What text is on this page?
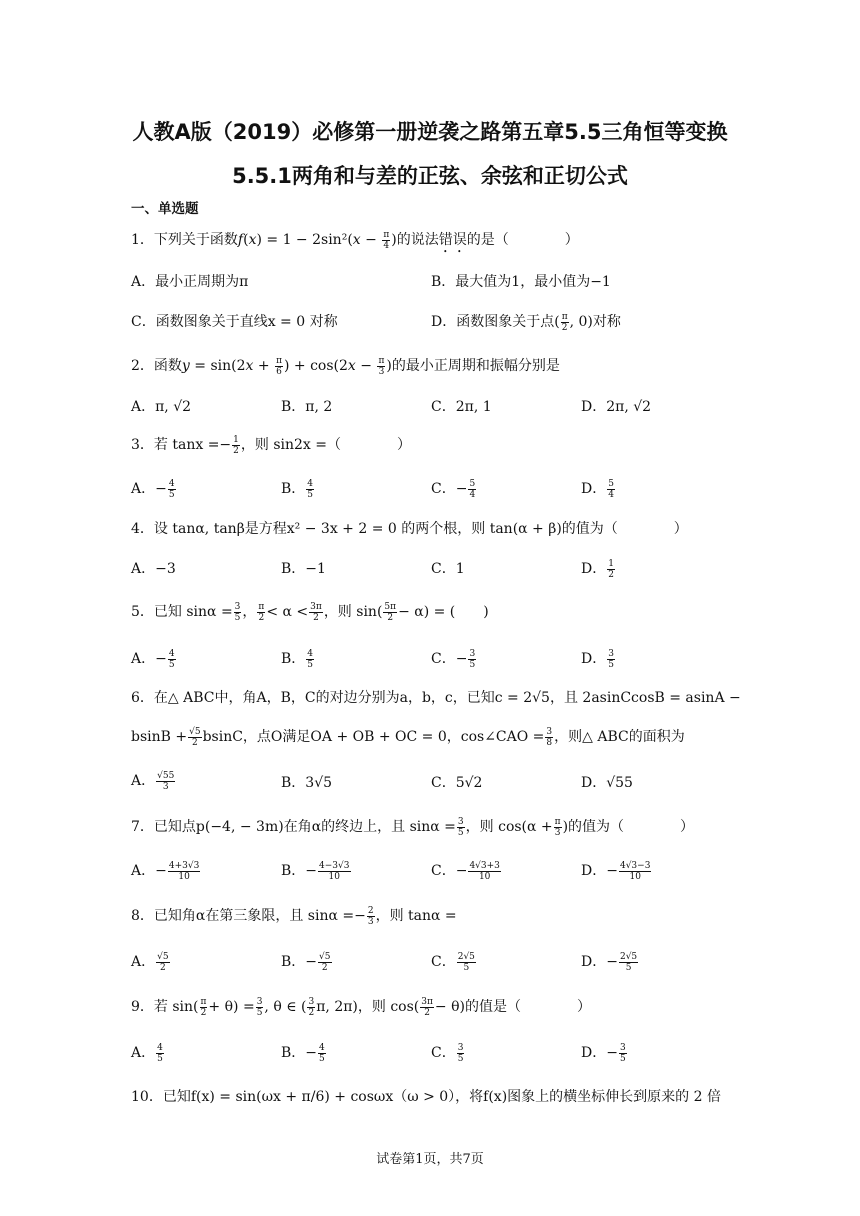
人教A版（2019）必修第一册逆袭之路第五章5.5三角恒等变换
5.5.1两角和与差的正弦、余弦和正切公式
一、单选题
1．下列关于函数$f(x) = 1 - 2\sin^2(x - \frac{\pi}{4}$ )的说法错误的是（　　　　）
A．最小正周期为π	B．最大值为1，最小值为−1
C．函数图象关于直线x = 0 对称	D．函数图象关于点( $\frac{\pi}{2}$ , 0)对称
2．函数$y = \sin(2x + \frac{\pi}{6}$ ) + $\cos(2x - \frac{\pi}{3}$ )的最小正周期和振幅分别是
A．π, √2	B．π, 2	C．2π, 1	D．2π, √2
3．若 $\tan x =- \frac{1}{2}$ ，则 sin2x =（　　　　）
A．− $\frac{4}{5}$	B． $\frac{4}{5}$	C．− $\frac{5}{4}$	D． $\frac{5}{4}$
4．设 tanα, tanβ是方程x² − 3x + 2 = 0 的两个根，则 tan(α + β)的值为（　　　　）
A．−3	B．−1	C．1	D． $\frac{1}{2}$
5．已知 $\sin\alpha = \frac{3}{5}$ ， $\frac{\pi}{2} < \alpha < \frac{3\pi}{2}$ ，则 $\sin( \frac{5\pi}{2} - \alpha)$ = (　　)
A．− $\frac{4}{5}$	B． $\frac{4}{5}$	C．− $\frac{3}{5}$	D． $\frac{3}{5}$
6．在△ ABC中，角A，B，C的对边分别为a，b，c，已知c = 2√5，且 2asinCcosB = asinA −
$bsinB + \frac{√5}{2}$ bsinC，点O满足OA + OB + OC = 0，cos∠CAO = $\frac{3}{8}$ ，则△ ABC的面积为
A． $\frac{√55}{3}$	B．3√5	C．5√2	D．√55
7．已知点p(−4, − 3m)在角α的终边上，且 $\sin\alpha = \frac{3}{5}$ ，则 $\cos(\alpha + \frac{\pi}{3}$ )的值为（　　　　）
A．− $\frac{4+3√3}{10}$	B．− $\frac{4-3√3}{10}$	C．− $\frac{4√3+3}{10}$	D．− $\frac{4√3-3}{10}$
8．已知角α在第三象限，且 $\sin\alpha =- \frac{2}{3}$ ，则 tanα =
A． $\frac{√5}{2}$	B．− $\frac{√5}{2}$	C． $\frac{2√5}{5}$	D．− $\frac{2√5}{5}$
9．若 $\sin( \frac{\pi}{2} + \theta) = \frac{3}{5}$ , θ ∈ ( $\frac{3}{2} \pi$, 2π)，则 $\cos( \frac{3\pi}{2} - \theta)$的值是（　　　　）
A． $\frac{4}{5}$	B．− $\frac{4}{5}$	C． $\frac{3}{5}$	D．− $\frac{3}{5}$
10．已知f(x) = sin(ωx + π/6) + cosωx（ω > 0），将f(x)图象上的横坐标伸长到原来的 2 倍
试卷第1页，共7页
